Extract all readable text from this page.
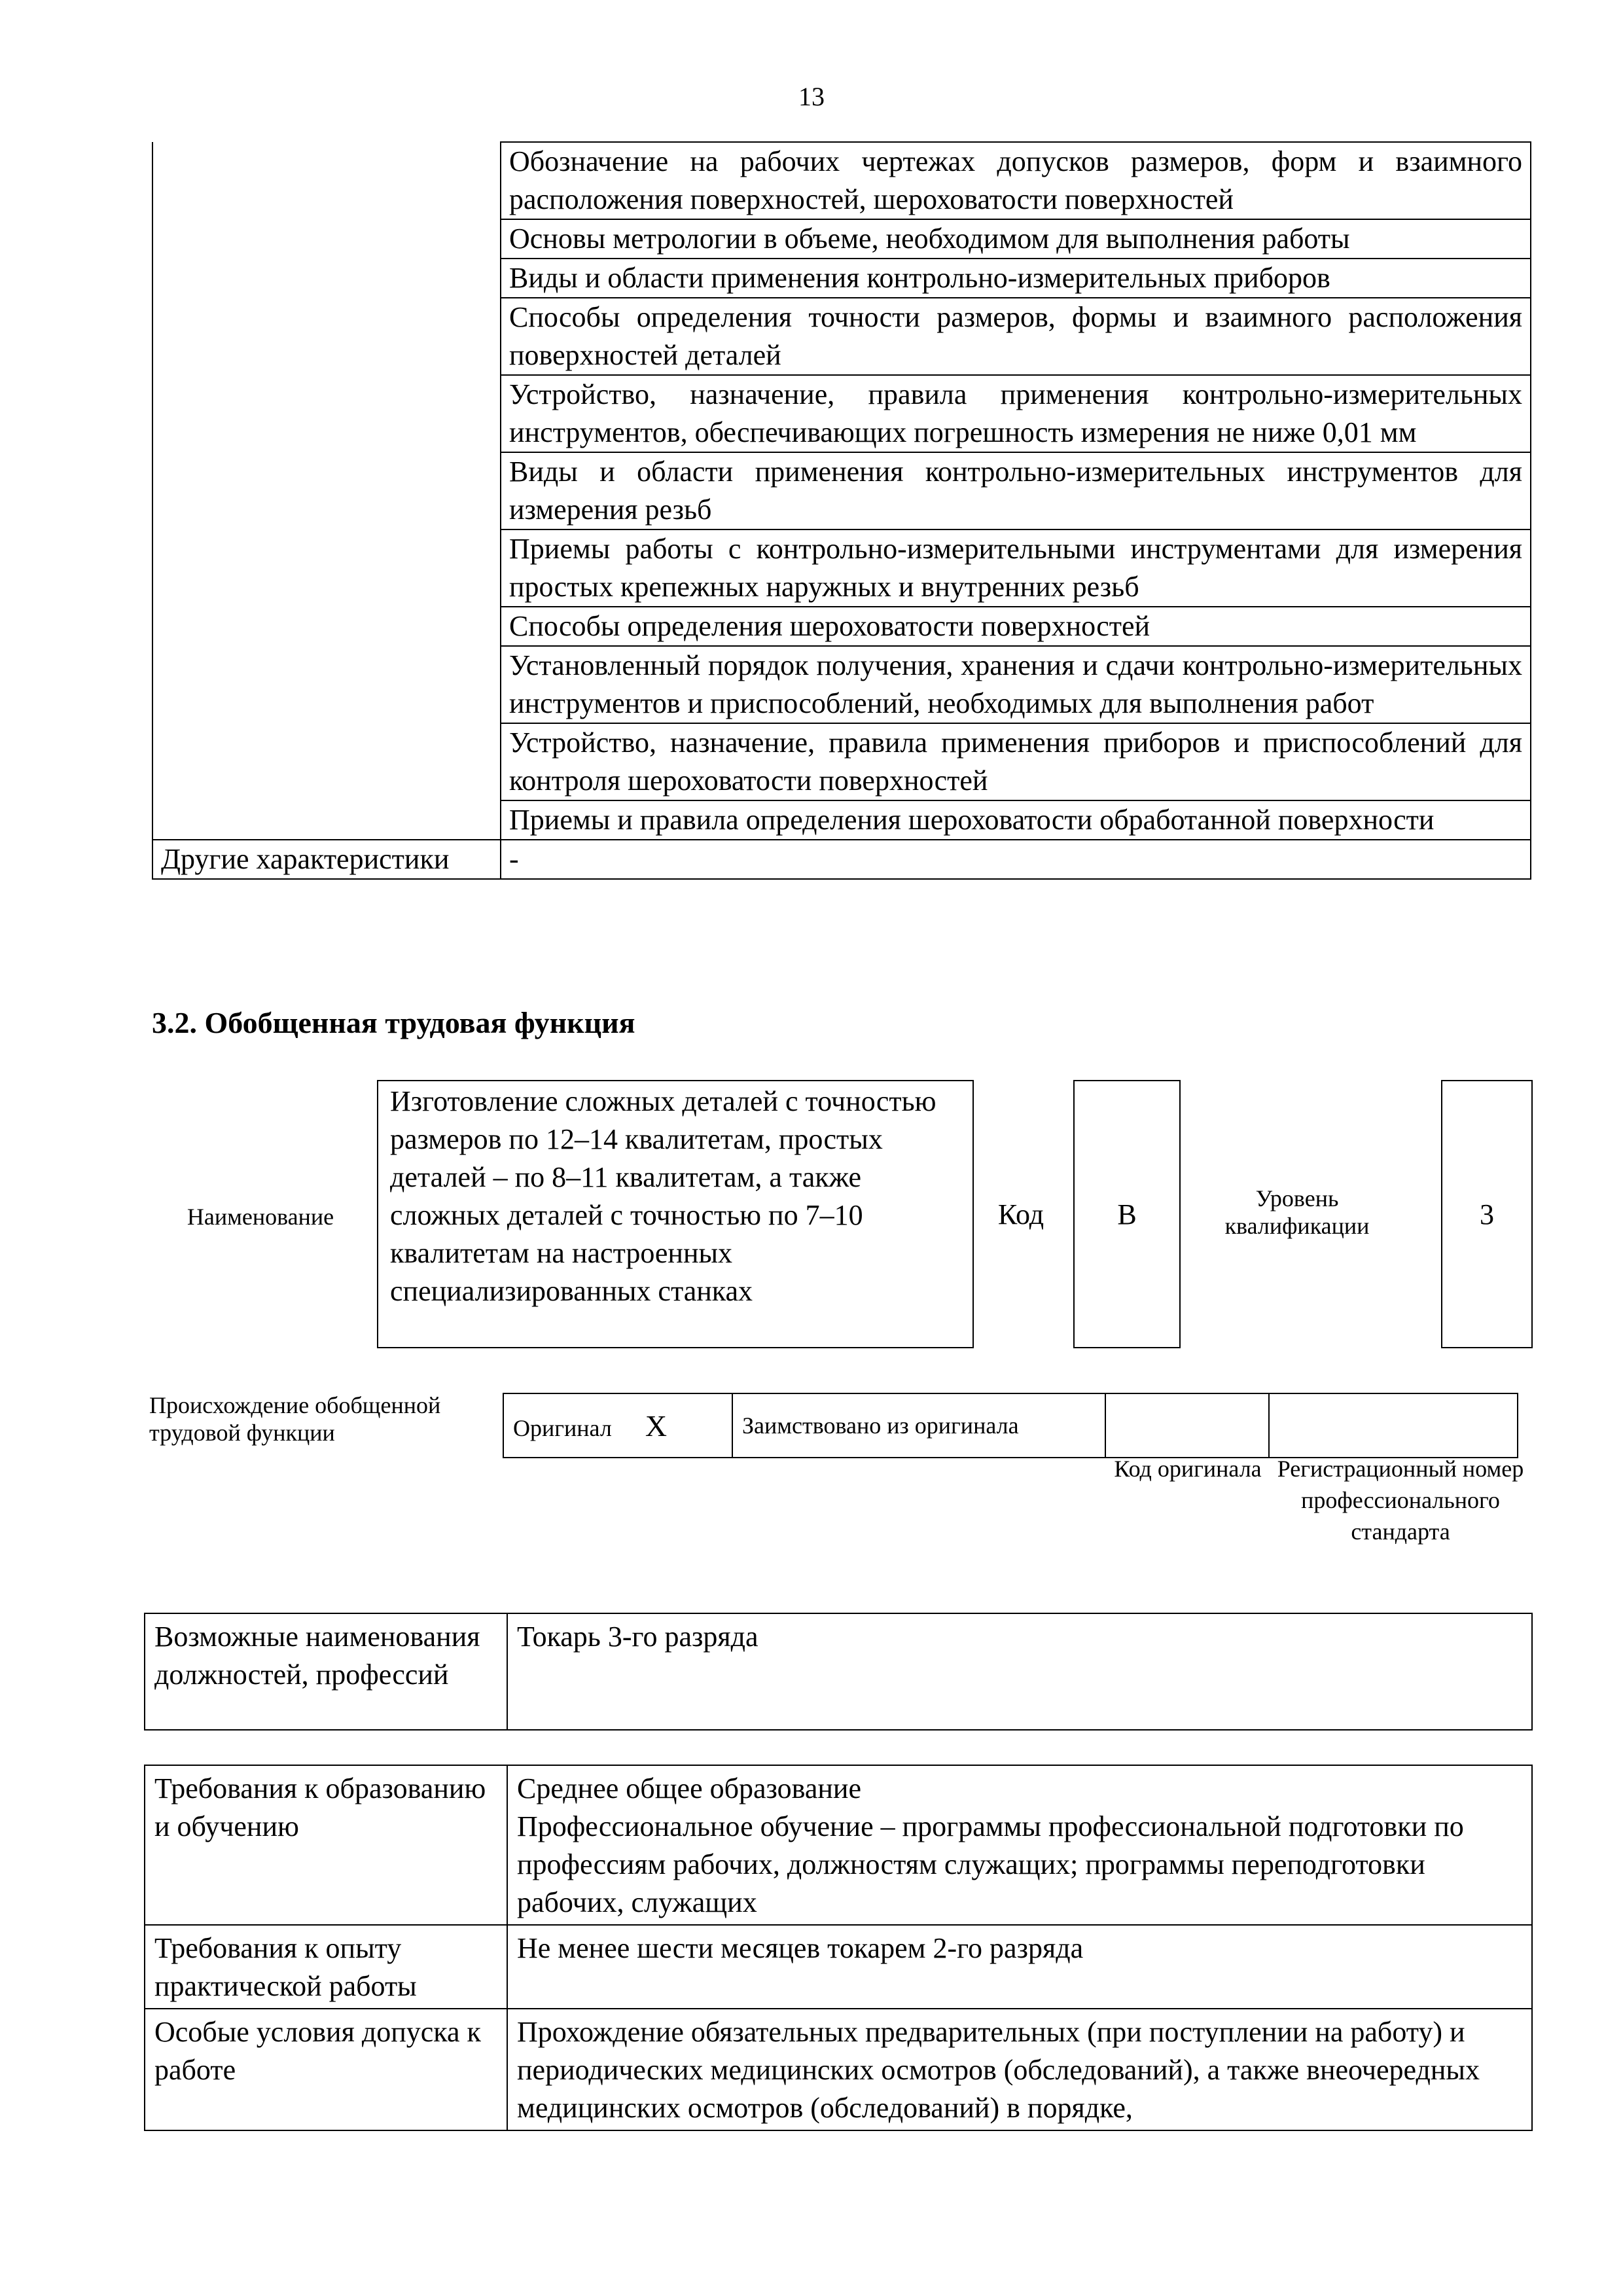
13
	Обозначение на рабочих чертежах допусков размеров, форм и взаимного расположения поверхностей, шероховатости поверхностей
	Основы метрологии в объеме, необходимом для выполнения работы
	Виды и области применения контрольно-измерительных приборов
	Способы определения точности размеров, формы и взаимного расположения поверхностей деталей
	Устройство, назначение, правила применения контрольно-измерительных инструментов, обеспечивающих погрешность измерения не ниже 0,01 мм
	Виды и области применения контрольно-измерительных инструментов для измерения резьб
	Приемы работы с контрольно-измерительными инструментами для измерения простых крепежных наружных и внутренних резьб
	Способы определения шероховатости поверхностей
	Установленный порядок получения, хранения и сдачи контрольно-измерительных инструментов и приспособлений, необходимых для выполнения работ
	Устройство, назначение, правила применения приборов и приспособлений для контроля шероховатости поверхностей
	Приемы и правила определения шероховатости обработанной поверхности
Другие характеристики	-
3.2. Обобщенная трудовая функция
Наименование
Изготовление сложных деталей с точностью размеров по 12–14 квалитетам, простых деталей – по 8–11 квалитетам, а также сложных деталей с точностью по 7–10 квалитетам на настроенных специализированных станках
Код	B	Уровень квалификации	3
Происхождение обобщенной трудовой функции	Оригинал X	Заимствовано из оригинала		
Код оригинала Регистрационный номер профессионального стандарта
Возможные наименования должностей, профессий	Токарь 3-го разряда
Требования к образованию и обучению	Среднее общее образование
Профессиональное обучение – программы профессиональной подготовки по профессиям рабочих, должностям служащих; программы переподготовки рабочих, служащих

Требования к опыту практической работы	Не менее шести месяцев токарем 2-го разряда
Особые условия допуска к работе	Прохождение обязательных предварительных (при поступлении на работу) и периодических медицинских осмотров (обследований), а также внеочередных медицинских осмотров (обследований) в порядке,
